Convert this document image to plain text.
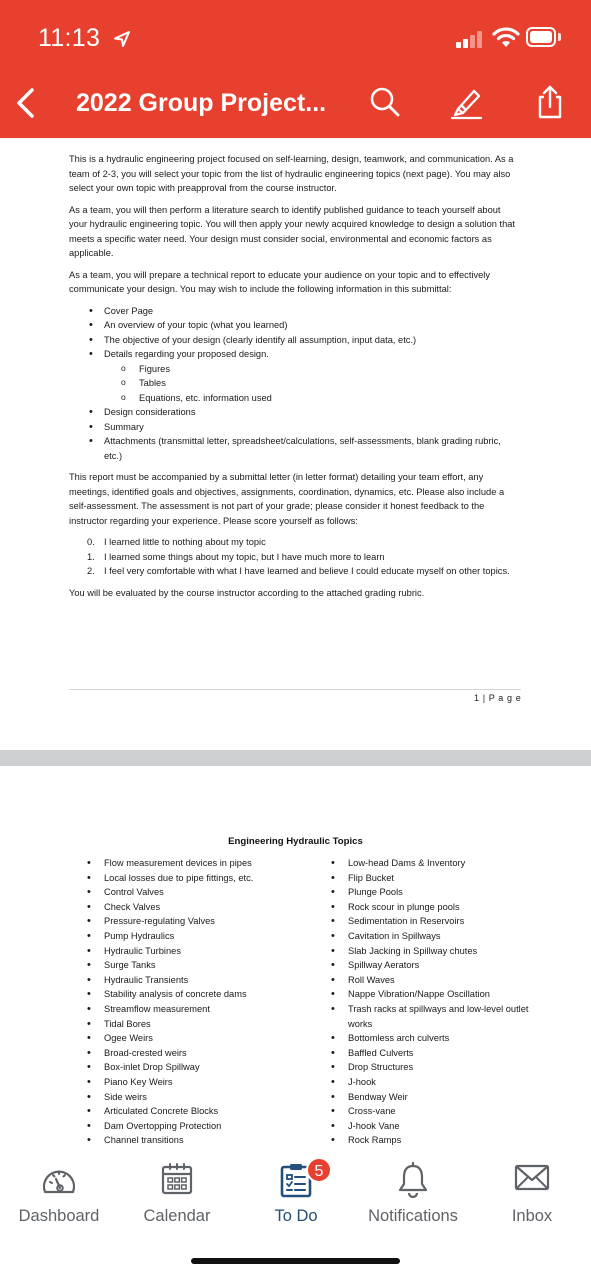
11:13
2022 Group Project...

This is a hydraulic engineering project focused on self-learning, design, teamwork, and communication. As a team of 2-3, you will select your topic from the list of hydraulic engineering topics (next page). You may also select your own topic with preapproval from the course instructor.

As a team, you will then perform a literature search to identify published guidance to teach yourself about your hydraulic engineering topic. You will then apply your newly acquired knowledge to design a solution that meets a specific water need. Your design must consider social, environmental and economic factors as applicable.

As a team, you will prepare a technical report to educate your audience on your topic and to effectively communicate your design. You may wish to include the following information in this submittal:

• Cover Page
• An overview of your topic (what you learned)
• The objective of your design (clearly identify all assumption, input data, etc.)
• Details regarding your proposed design.
o Figures
o Tables
o Equations, etc. information used
• Design considerations
• Summary
• Attachments (transmittal letter, spreadsheet/calculations, self-assessments, blank grading rubric, etc.)

This report must be accompanied by a submittal letter (in letter format) detailing your team effort, any meetings, identified goals and objectives, assignments, coordination, dynamics, etc. Please also include a self-assessment. The assessment is not part of your grade; please consider it honest feedback to the instructor regarding your experience. Please score yourself as follows:

0. I learned little to nothing about my topic
1. I learned some things about my topic, but I have much more to learn
2. I feel very comfortable with what I have learned and believe I could educate myself on other topics.

You will be evaluated by the course instructor according to the attached grading rubric.

1 | P a g e
Engineering Hydraulic Topics
• Flow measurement devices in pipes
• Local losses due to pipe fittings, etc.
• Control Valves
• Check Valves
• Pressure-regulating Valves
• Pump Hydraulics
• Hydraulic Turbines
• Surge Tanks
• Hydraulic Transients
• Stability analysis of concrete dams
• Streamflow measurement
• Tidal Bores
• Ogee Weirs
• Broad-crested weirs
• Box-inlet Drop Spillway
• Piano Key Weirs
• Side weirs
• Articulated Concrete Blocks
• Dam Overtopping Protection
• Channel transitions
• Low-head Dams & Inventory
• Flip Bucket
• Plunge Pools
• Rock scour in plunge pools
• Sedimentation in Reservoirs
• Cavitation in Spillways
• Slab Jacking in Spillway chutes
• Spillway Aerators
• Roll Waves
• Nappe Vibration/Nappe Oscillation
• Trash racks at spillways and low-level outlet works
• Bottomless arch culverts
• Baffled Culverts
• Drop Structures
• J-hook
• Bendway Weir
• Cross-vane
• J-hook Vane
• Rock Ramps
Dashboard	Calendar
5
To Do	Notifications	Inbox
